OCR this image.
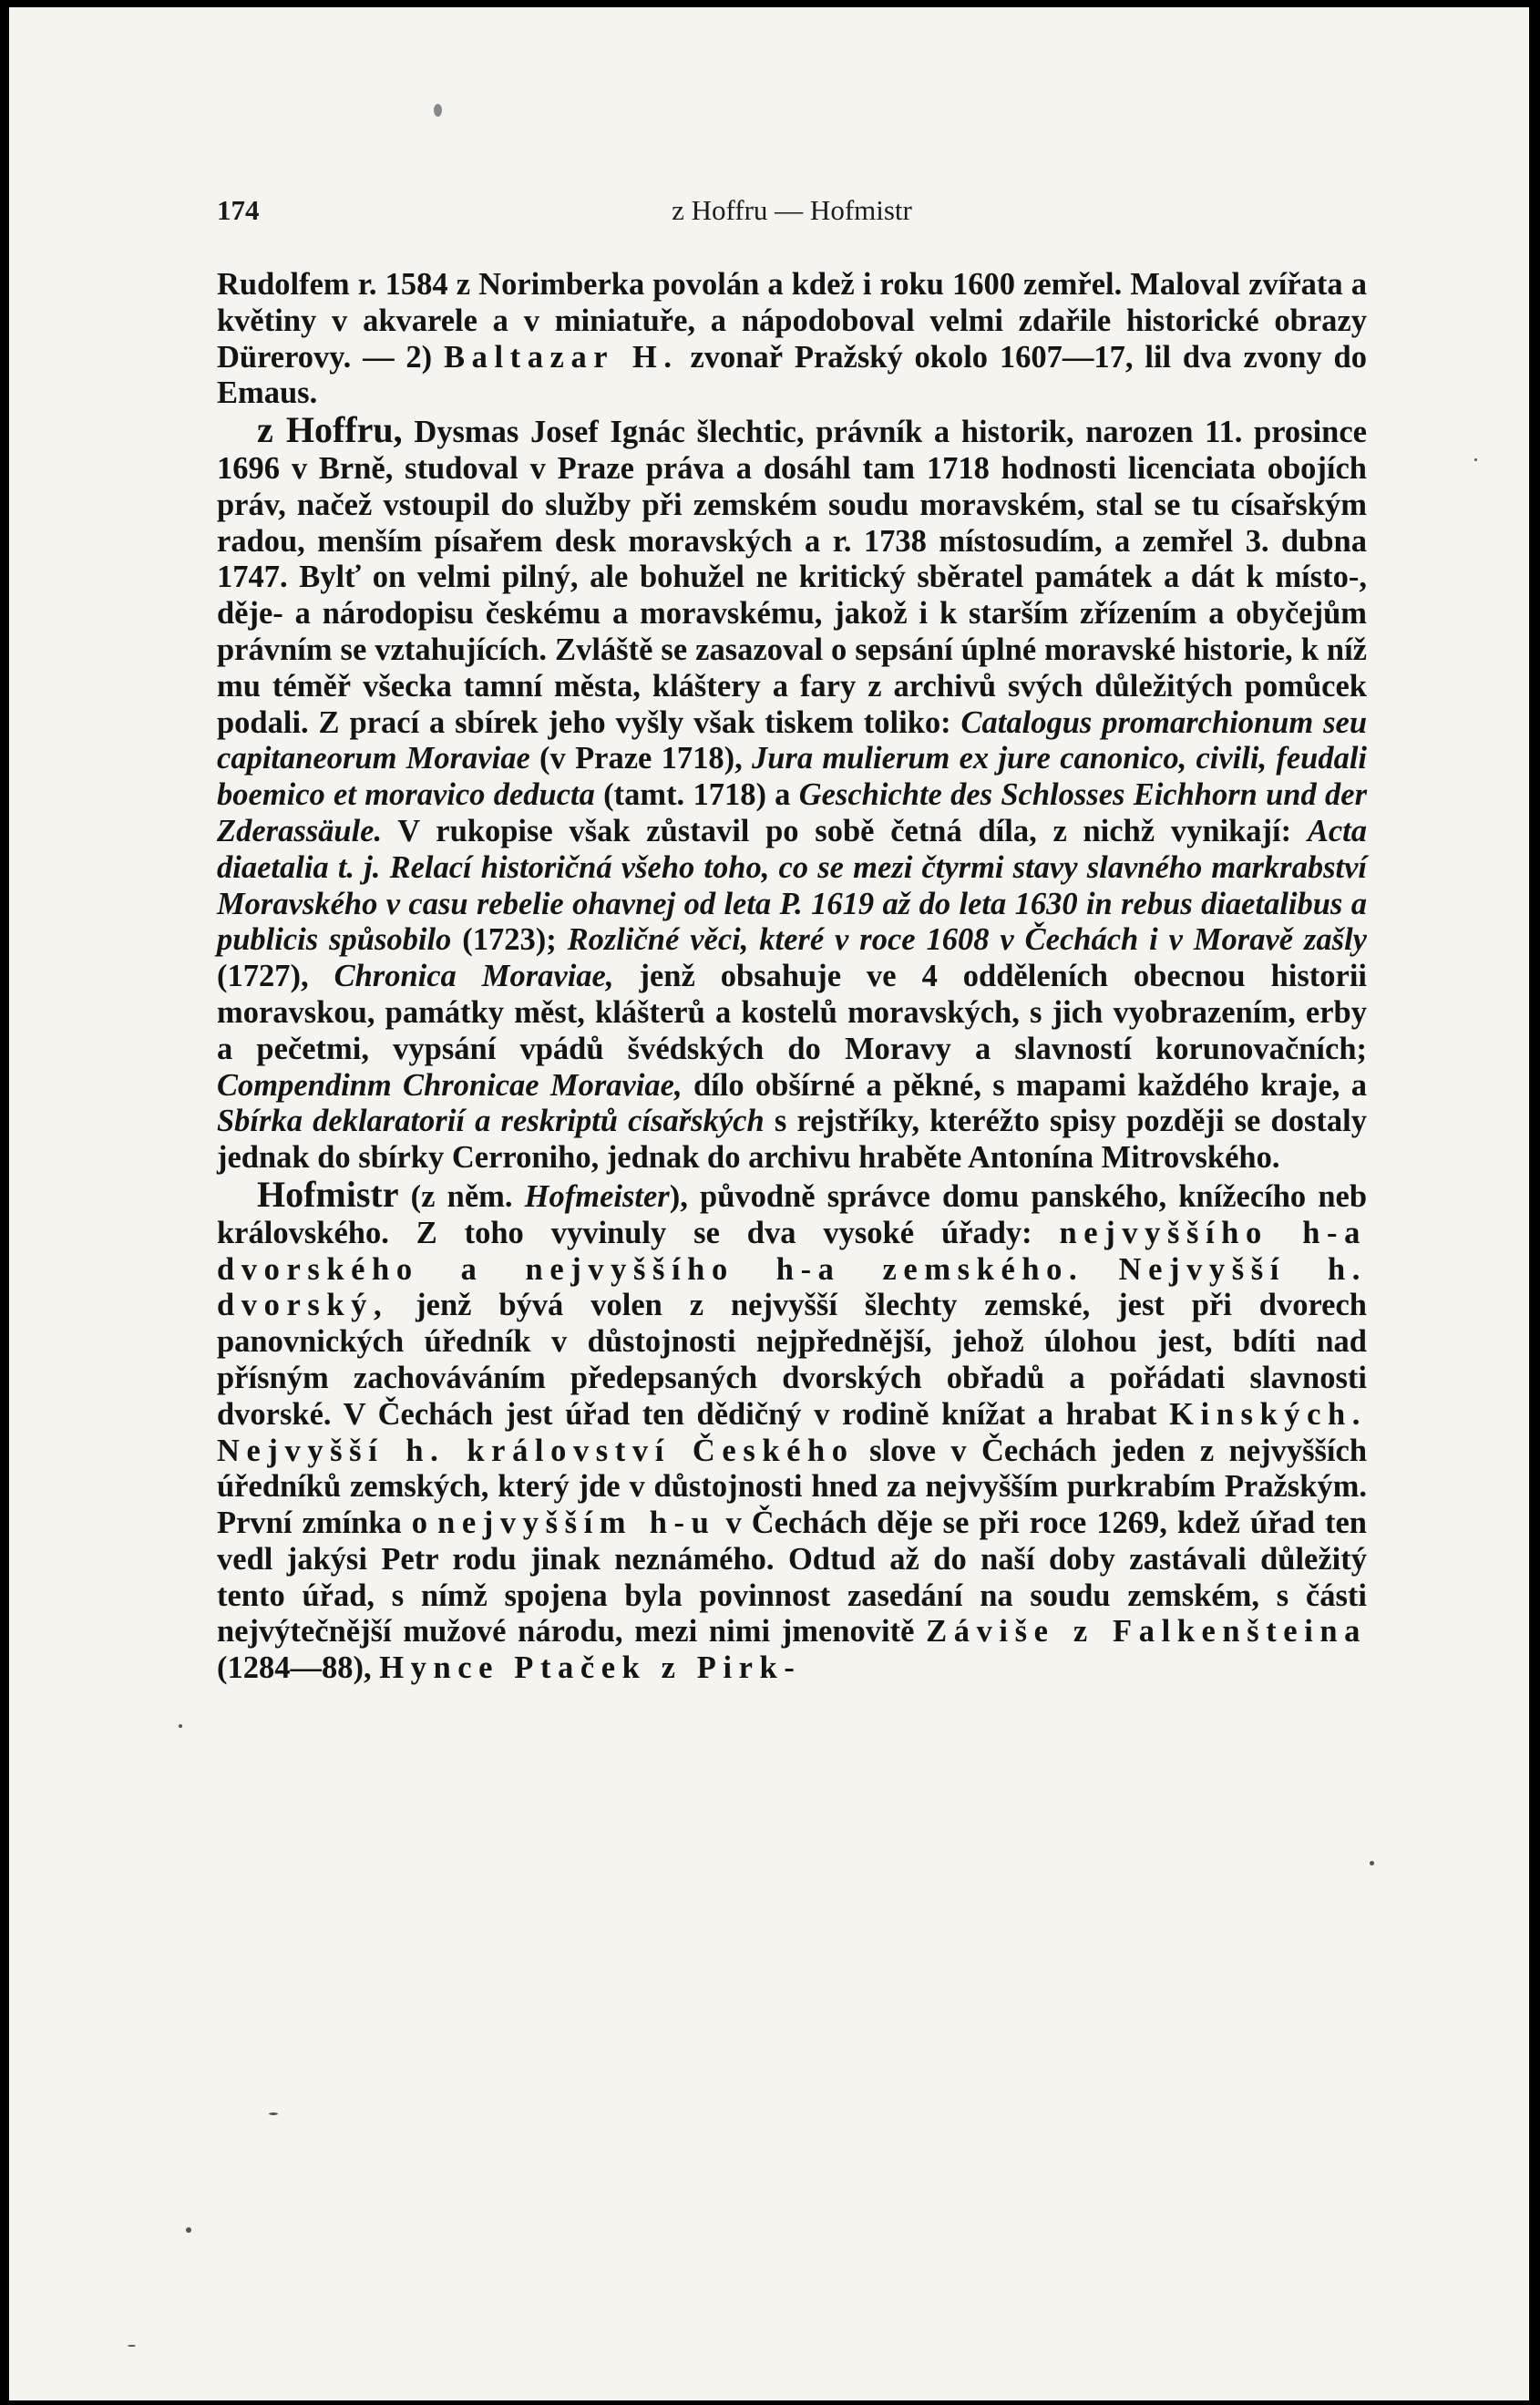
174	z Hoffru — Hofmistr

Rudolfem r. 1584 z Norimberka povolán a kdež i roku 1600 zemřel. Maloval zvířata a květiny v akvarele a v miniatuře, a nápodoboval velmi zdařile historické obrazy Dürerovy. — 2) Baltazar H. zvonař Pražský okolo 1607—17, lil dva zvony do Emaus.

z Hoffru, Dysmas Josef Ignác šlechtic, právník a historik, narozen 11. prosince 1696 v Brně, studoval v Praze práva a dosáhl tam 1718 hodnosti licenciata obojích práv, načež vstoupil do služby při zemském soudu moravském, stal se tu císařským radou, menším písařem desk moravských a r. 1738 místosudím, a zemřel 3. dubna 1747. Bylť on velmi pilný, ale bohužel ne kritický sběratel památek a dát k místo-, děje- a národopisu českému a moravskému, jakož i k starším zřízením a obyčejům právním se vztahujících. Zvláště se zasazoval o sepsání úplné moravské historie, k níž mu téměř všecka tamní města, kláštery a fary z archivů svých důležitých pomůcek podali. Z prací a sbírek jeho vyšly však tiskem toliko: Catalogus promarchionum seu capitaneorum Moraviae (v Praze 1718), Jura mulierum ex jure canonico, civili, feudali boemico et moravico deducta (tamt. 1718) a Geschichte des Schlosses Eichhorn und der Zderassäule. V rukopise však zůstavil po sobě četná díla, z nichž vynikají: Acta diaetalia t. j. Relací historičná všeho toho, co se mezi čtyrmi stavy slavného markrabství Moravského v casu rebelie ohavnej od leta P. 1619 až do leta 1630 in rebus diaetalibus a publicis spůsobilo (1723); Rozličné věci, které v roce 1608 v Čechách i v Moravě zašly (1727), Chronica Moraviae, jenž obsahuje ve 4 odděleních obecnou historii moravskou, památky měst, klášterů a kostelů moravských, s jich vyobrazením, erby a pečetmi, vypsání vpádů švédských do Moravy a slavností korunovačních; Compendinm Chronicae Moraviae, dílo obšírné a pěkné, s mapami každého kraje, a Sbírka deklaratorií a reskriptů císařských s rejstříky, kteréžto spisy později se dostaly jednak do sbírky Cerroniho, jednak do archivu hraběte Antonína Mitrovského.

Hofmistr (z něm. Hofmeister), původně správce domu panského, knížecího neb královského. Z toho vyvinuly se dva vysoké úřady: nejvyššího h-a dvorského a nejvyššího h-a zemského. Nejvyšší h. dvorský, jenž bývá volen z nejvyšší šlechty zemské, jest při dvorech panovnických úředník v důstojnosti nejpřednější, jehož úlohou jest, bdíti nad přísným zachováváním předepsaných dvorských obřadů a pořádati slavnosti dvorské. V Čechách jest úřad ten dědičný v rodině knížat a hrabat Kinských. Nejvyšší h. království Českého slove v Čechách jeden z nejvyšších úředníků zemských, který jde v důstojnosti hned za nejvyšším purkrabím Pražským. První zmínka o nejvyšším h-u v Čechách děje se při roce 1269, kdež úřad ten vedl jakýsi Petr rodu jinak neznámého. Odtud až do naší doby zastávali důležitý tento úřad, s nímž spojena byla povinnost zasedání na soudu zemském, s části nejvýtečnější mužové národu, mezi nimi jmenovitě Záviše z Falkenšteina (1284—88), Hynce Ptaček z Pirk-
